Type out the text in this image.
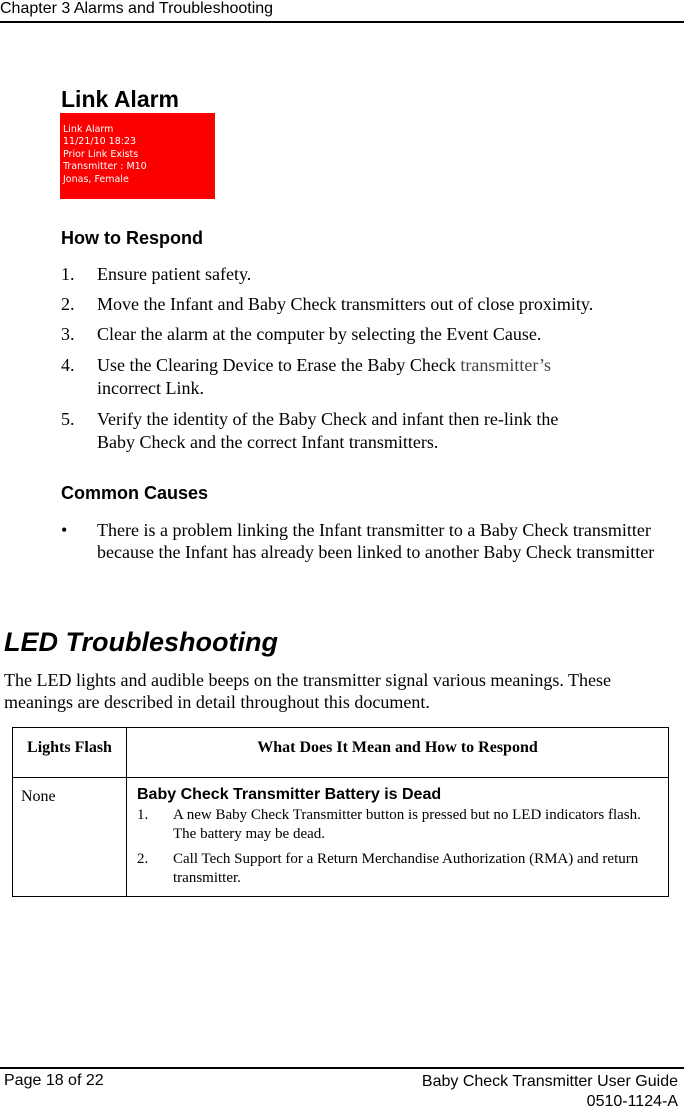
Chapter 3 Alarms and Troubleshooting
Link Alarm
Link Alarm
11/21/10 18:23
Prior Link Exists
Transmitter : M10
Jonas, Female
How to Respond
1. Ensure patient safety.
2. Move the Infant and Baby Check transmitters out of close proximity.
3. Clear the alarm at the computer by selecting the Event Cause.
4. Use the Clearing Device to Erase the Baby Check transmitter’s
incorrect Link.
5. Verify the identity of the Baby Check and infant then re-link the
Baby Check and the correct Infant transmitters.
Common Causes
• There is a problem linking the Infant transmitter to a Baby Check transmitter because the Infant has already been linked to another Baby Check transmitter
LED Troubleshooting
The LED lights and audible beeps on the transmitter signal various meanings. These meanings are described in detail throughout this document.
Lights Flash	What Does It Mean and How to Respond
None	Baby Check Transmitter Battery is Dead
1. A new Baby Check Transmitter button is pressed but no LED indicators flash. The battery may be dead.
2. Call Tech Support for a Return Merchandise Authorization (RMA) and return transmitter.
Page 18 of 22	Baby Check Transmitter User Guide
0510-1124-A
